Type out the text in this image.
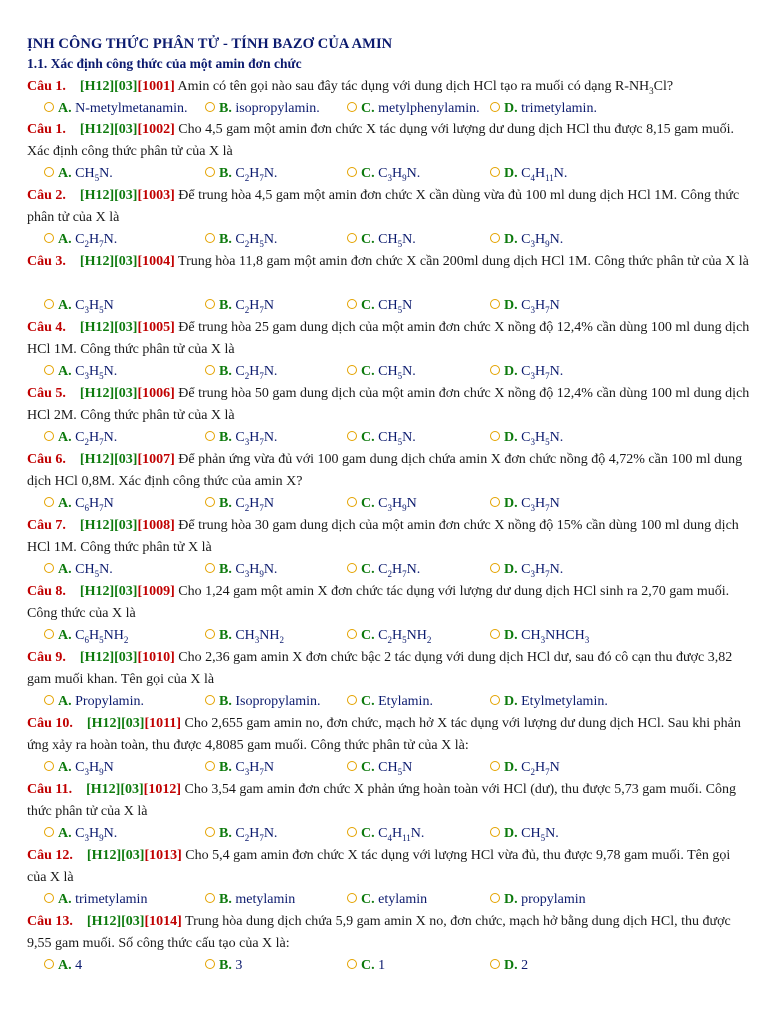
ỊNH CÔNG THỨC PHÂN TỬ - TÍNH BAZƠ CỦA AMIN
1.1. Xác định công thức của một amin đơn chức
Câu 1. [H12][03][1001] Amin có tên gọi nào sau đây tác dụng với dung dịch HCl tạo ra muối có dạng $R-NH_3Cl$?
A. N-metylmetanamin.	B. isopropylamin.	C. metylphenylamin.	D. trimetylamin.
Câu 1. [H12][03][1002] Cho 4,5 gam một amin đơn chức X tác dụng với lượng dư dung dịch HCl thu được 8,15 gam muối. Xác định công thức phân tử của X là
A. $CH_5N$.	B. $C_2H_7N$.	C. $C_3H_9N$.	D. $C_4H_{11}N$.
Câu 2. [H12][03][1003] Để trung hòa 4,5 gam một amin đơn chức X cần dùng vừa đủ 100 ml dung dịch HCl 1M. Công thức phân tử của X là
A. $C_2H_7N$.	B. $C_2H_5N$.	C. $CH_5N$.	D. $C_3H_9N$.
Câu 3. [H12][03][1004] Trung hòa 11,8 gam một amin đơn chức X cần 200ml dung dịch HCl 1M. Công thức phân tử của X là
A. $C_3H_5N$	B. $C_2H_7N$	C. $CH_5N$	D. $C_3H_7N$
Câu 4. [H12][03][1005] Để trung hòa 25 gam dung dịch của một amin đơn chức X nồng độ 12,4% cần dùng 100 ml dung dịch HCl 1M. Công thức phân tử của X là
A. $C_3H_5N$.	B. $C_2H_7N$.	C. $CH_5N$.	D. $C_3H_7N$.
Câu 5. [H12][03][1006] Để trung hòa 50 gam dung dịch của một amin đơn chức X nồng độ 12,4% cần dùng 100 ml dung dịch HCl 2M. Công thức phân tử của X là
A. $C_2H_7N$.	B. $C_3H_7N$.	C. $CH_5N$.	D. $C_3H_5N$.
Câu 6. [H12][03][1007] Để phản ứng vừa đủ với 100 gam dung dịch chứa amin X đơn chức nồng độ 4,72% cần 100 ml dung dịch HCl 0,8M. Xác định công thức của amin X?
A. $C_6H_7N$	B. $C_2H_7N$	C. $C_3H_9N$	D. $C_3H_7N$
Câu 7. [H12][03][1008] Để trung hòa 30 gam dung dịch của một amin đơn chức X nồng độ 15% cần dùng 100 ml dung dịch HCl 1M. Công thức phân tử X là
A. $CH_5N$.	B. $C_3H_9N$.	C. $C_2H_7N$.	D. $C_3H_7N$.
Câu 8. [H12][03][1009] Cho 1,24 gam một amin X đơn chức tác dụng với lượng dư dung dịch HCl sinh ra 2,70 gam muối. Công thức của X là
A. $C_6H_5NH_2$	B. $CH_3NH_2$	C. $C_2H_5NH_2$	D. $CH_3NHCH_3$
Câu 9. [H12][03][1010] Cho 2,36 gam amin X đơn chức bậc 2 tác dụng với dung dịch HCl dư, sau đó cô cạn thu được 3,82 gam muối khan. Tên gọi của X là
A. Propylamin.	B. Isopropylamin.	C. Etylamin.	D. Etylmetylamin.
Câu 10. [H12][03][1011] Cho 2,655 gam amin no, đơn chức, mạch hở X tác dụng với lượng dư dung dịch HCl. Sau khi phản ứng xảy ra hoàn toàn, thu được 4,8085 gam muối. Công thức phân tử của X là:
A. $C_3H_9N$	B. $C_3H_7N$	C. $CH_5N$	D. $C_2H_7N$
Câu 11. [H12][03][1012] Cho 3,54 gam amin đơn chức X phản ứng hoàn toàn với HCl (dư), thu được 5,73 gam muối. Công thức phân tử của X là
A. $C_3H_9N$.	B. $C_2H_7N$.	C. $C_4H_{11}N$.	D. $CH_5N$.
Câu 12. [H12][03][1013] Cho 5,4 gam amin đơn chức X tác dụng với lượng HCl vừa đủ, thu được 9,78 gam muối. Tên gọi của X là
A. trimetylamin	B. metylamin	C. etylamin	D. propylamin
Câu 13. [H12][03][1014] Trung hòa dung dịch chứa 5,9 gam amin X no, đơn chức, mạch hở bằng dung dịch HCl, thu được 9,55 gam muối. Số công thức cấu tạo của X là:
A. 4	B. 3	C. 1	D. 2
